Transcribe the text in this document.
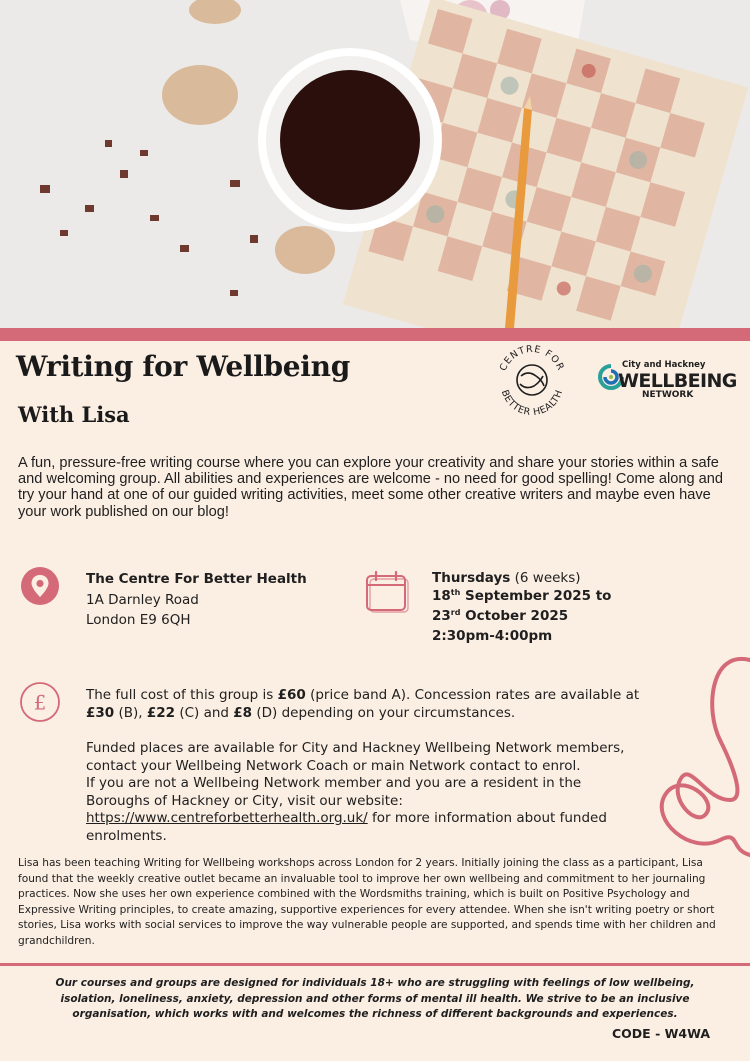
Writing for Wellbeing
With Lisa
CENTRE FOR
BETTER HEALTH
City and Hackney
WELLBEING
NETWORK

A fun, pressure-free writing course where you can explore your creativity and share your stories within a safe and welcoming group. All abilities and experiences are welcome - no need for good spelling! Come along and try your hand at one of our guided writing activities, meet some other creative writers and maybe even have your work published on our blog!

The Centre For Better Health
1A Darnley Road
London E9 6QH
Thursdays (6 weeks)
18th September 2025 to
23rd October 2025
2:30pm-4:00pm
£	The full cost of this group is £60 (price band A). Concession rates are available at £30 (B), £22 (C) and £8 (D) depending on your circumstances.

Funded places are available for City and Hackney Wellbeing Network members, contact your Wellbeing Network Coach or main Network contact to enrol.
If you are not a Wellbeing Network member and you are a resident in the Boroughs of Hackney or City, visit our website:
https://www.centreforbetterhealth.org.uk/ for more information about funded enrolments.

Lisa has been teaching Writing for Wellbeing workshops across London for 2 years. Initially joining the class as a participant, Lisa found that the weekly creative outlet became an invaluable tool to improve her own wellbeing and commitment to her journaling practices. Now she uses her own experience combined with the Wordsmiths training, which is built on Positive Psychology and Expressive Writing principles, to create amazing, supportive experiences for every attendee. When she isn't writing poetry or short stories, Lisa works with social services to improve the way vulnerable people are supported, and spends time with her children and grandchildren.

Our courses and groups are designed for individuals 18+ who are struggling with feelings of low wellbeing, isolation, loneliness, anxiety, depression and other forms of mental ill health. We strive to be an inclusive organisation, which works with and welcomes the richness of different backgrounds and experiences.

CODE - W4WA
